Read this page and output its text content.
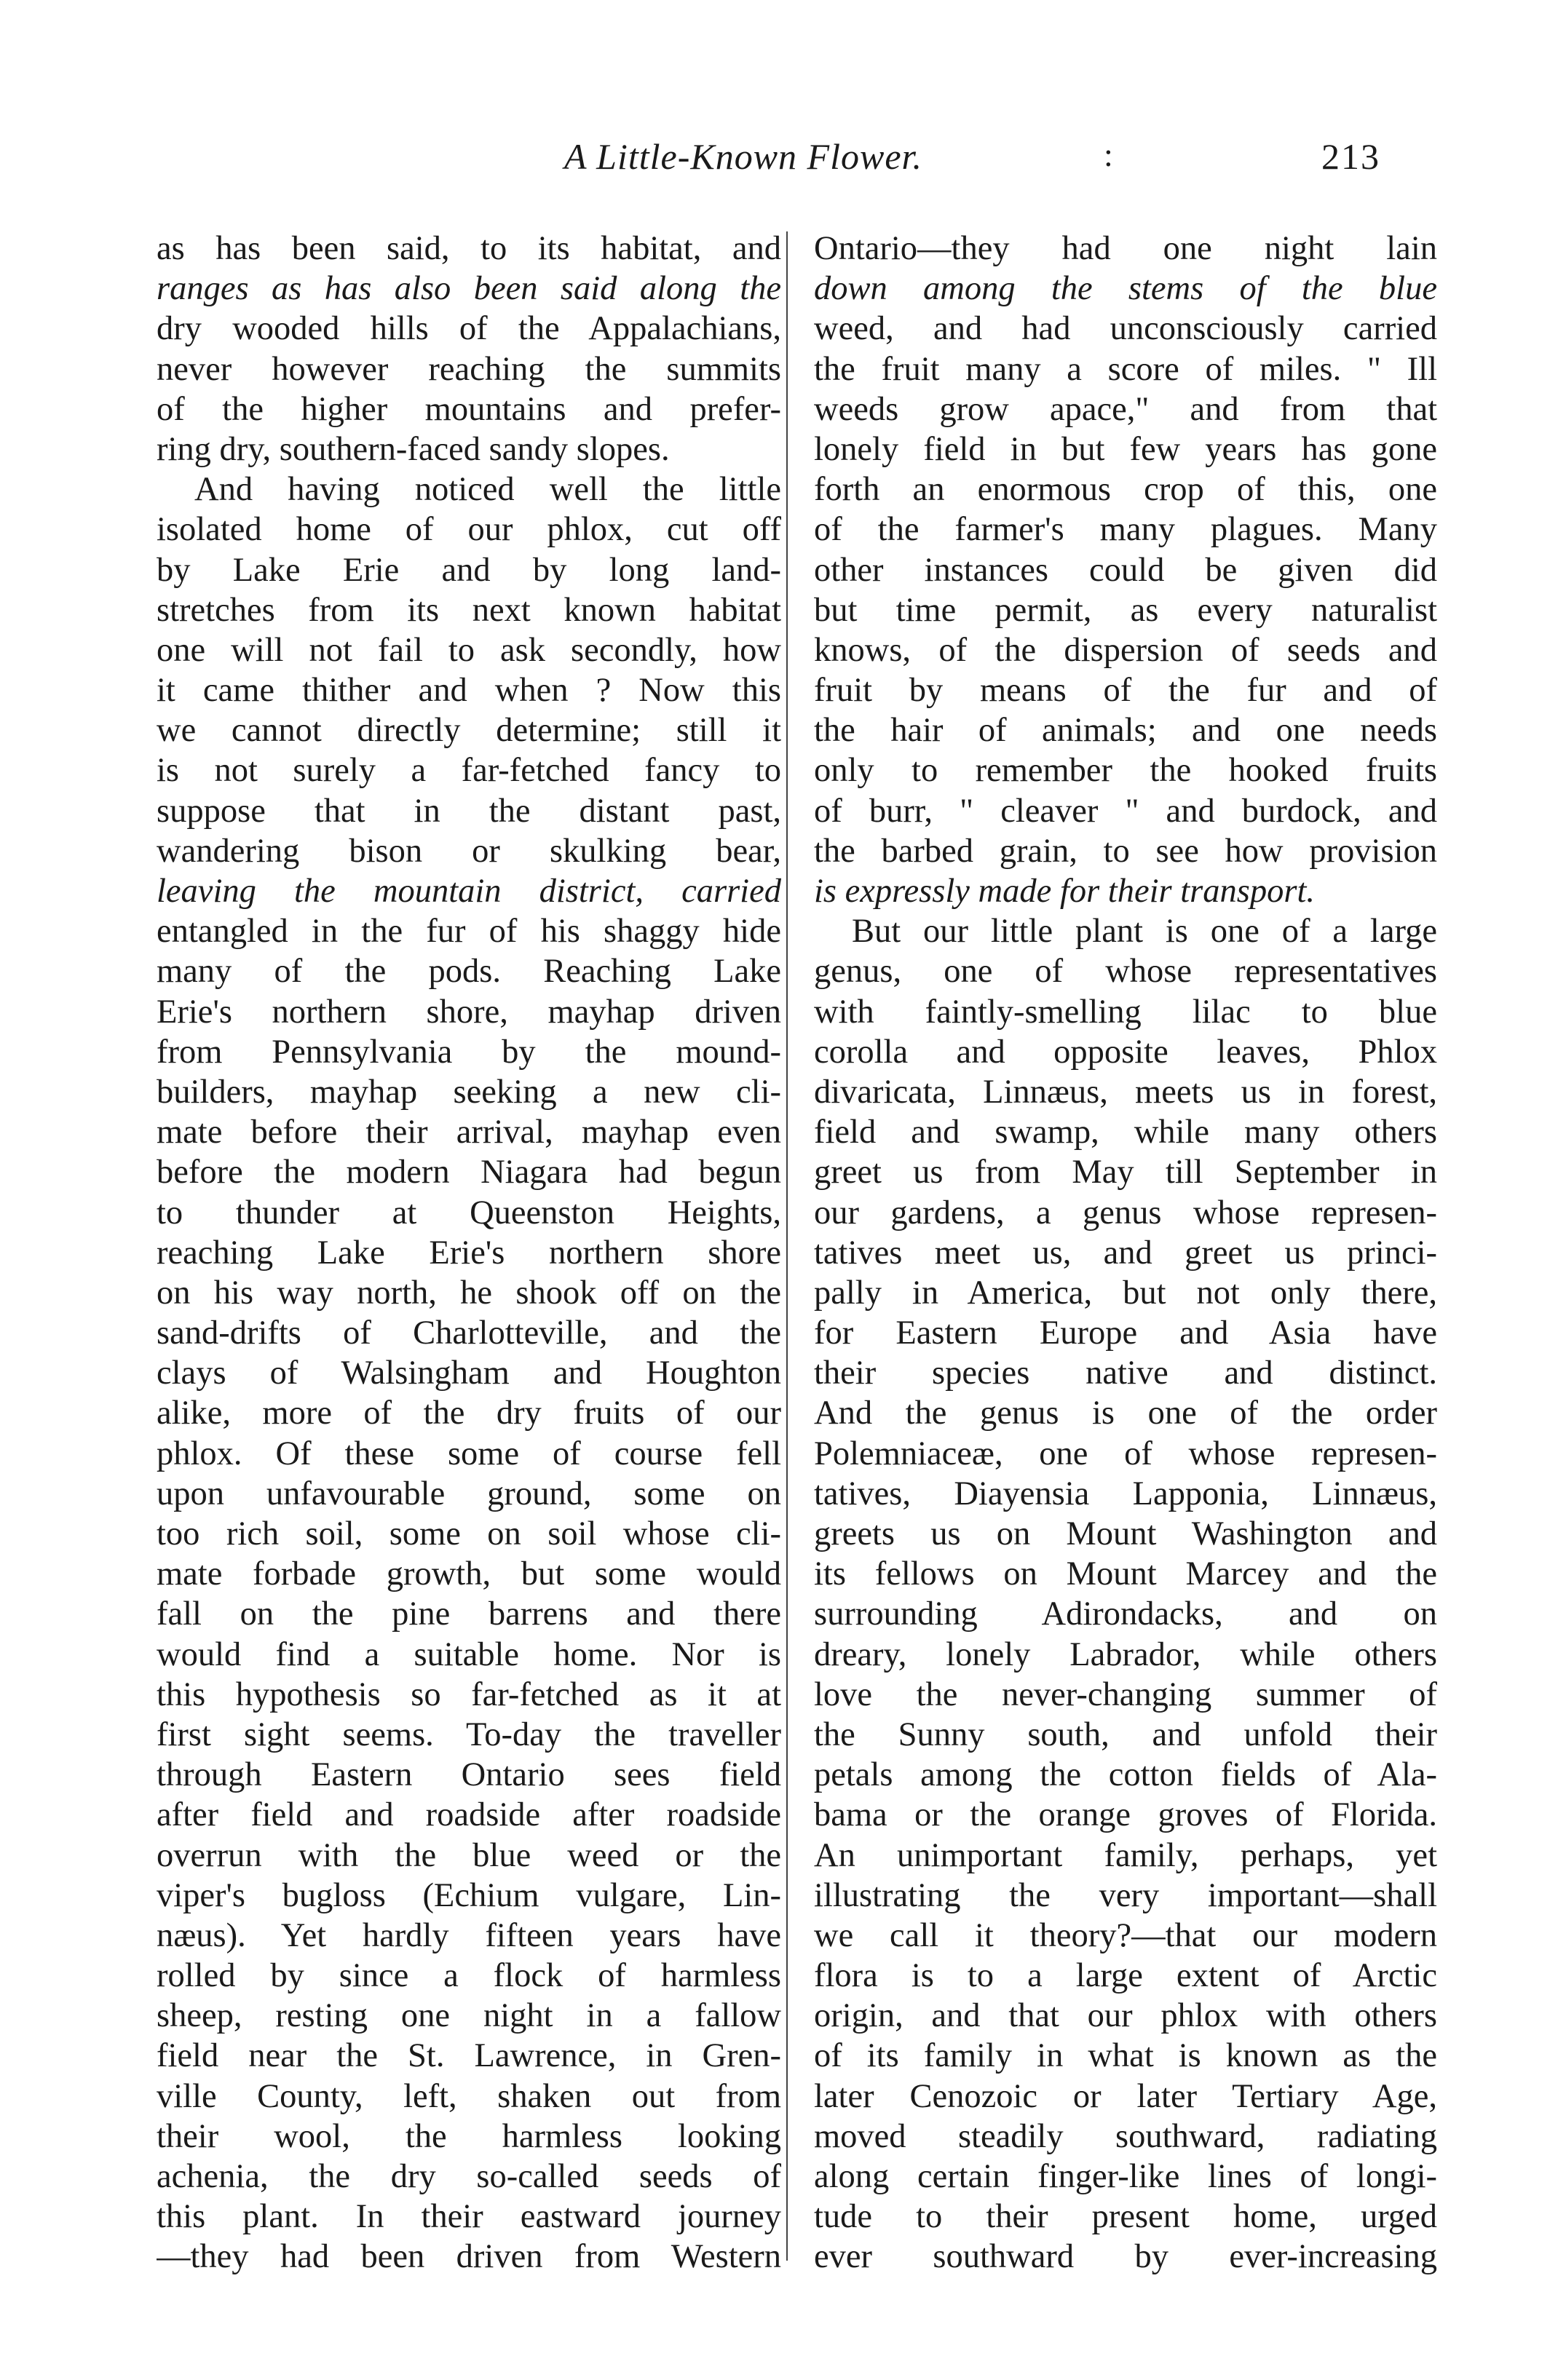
A Little-Known Flower.	:	213
as has been said, to its habitat, and
ranges as has also been said along the
dry wooded hills of the Appalachians,
never however reaching the summits
of the higher mountains and prefer-
ring dry, southern-faced sandy slopes.
And having noticed well the little
isolated home of our phlox, cut off
by Lake Erie and by long land-
stretches from its next known habitat
one will not fail to ask secondly, how
it came thither and when ? Now this
we cannot directly determine; still it
is not surely a far-fetched fancy to
suppose that in the distant past,
wandering bison or skulking bear,
leaving the mountain district, carried
entangled in the fur of his shaggy hide
many of the pods. Reaching Lake
Erie's northern shore, mayhap driven
from Pennsylvania by the mound-
builders, mayhap seeking a new cli-
mate before their arrival, mayhap even
before the modern Niagara had begun
to thunder at Queenston Heights,
reaching Lake Erie's northern shore
on his way north, he shook off on the
sand-drifts of Charlotteville, and the
clays of Walsingham and Houghton
alike, more of the dry fruits of our
phlox. Of these some of course fell
upon unfavourable ground, some on
too rich soil, some on soil whose cli-
mate forbade growth, but some would
fall on the pine barrens and there
would find a suitable home. Nor is
this hypothesis so far-fetched as it at
first sight seems. To-day the traveller
through Eastern Ontario sees field
after field and roadside after roadside
overrun with the blue weed or the
viper's bugloss (Echium vulgare, Lin-
næus). Yet hardly fifteen years have
rolled by since a flock of harmless
sheep, resting one night in a fallow
field near the St. Lawrence, in Gren-
ville County, left, shaken out from
their wool, the harmless looking
achenia, the dry so-called seeds of
this plant. In their eastward journey
—they had been driven from Western
Ontario—they had one night lain
down among the stems of the blue
weed, and had unconsciously carried
the fruit many a score of miles. " Ill
weeds grow apace," and from that
lonely field in but few years has gone
forth an enormous crop of this, one
of the farmer's many plagues. Many
other instances could be given did
but time permit, as every naturalist
knows, of the dispersion of seeds and
fruit by means of the fur and of
the hair of animals; and one needs
only to remember the hooked fruits
of burr, " cleaver " and burdock, and
the barbed grain, to see how provision
is expressly made for their transport.
But our little plant is one of a large
genus, one of whose representatives
with faintly-smelling lilac to blue
corolla and opposite leaves, Phlox
divaricata, Linnæus, meets us in forest,
field and swamp, while many others
greet us from May till September in
our gardens, a genus whose represen-
tatives meet us, and greet us princi-
pally in America, but not only there,
for Eastern Europe and Asia have
their species native and distinct.
And the genus is one of the order
Polemniaceæ, one of whose represen-
tatives, Diayensia Lapponia, Linnæus,
greets us on Mount Washington and
its fellows on Mount Marcey and the
surrounding Adirondacks, and on
dreary, lonely Labrador, while others
love the never-changing summer of
the Sunny south, and unfold their
petals among the cotton fields of Ala-
bama or the orange groves of Florida.
An unimportant family, perhaps, yet
illustrating the very important—shall
we call it theory?—that our modern
flora is to a large extent of Arctic
origin, and that our phlox with others
of its family in what is known as the
later Cenozoic or later Tertiary Age,
moved steadily southward, radiating
along certain finger-like lines of longi-
tude to their present home, urged
ever southward by ever-increasing
